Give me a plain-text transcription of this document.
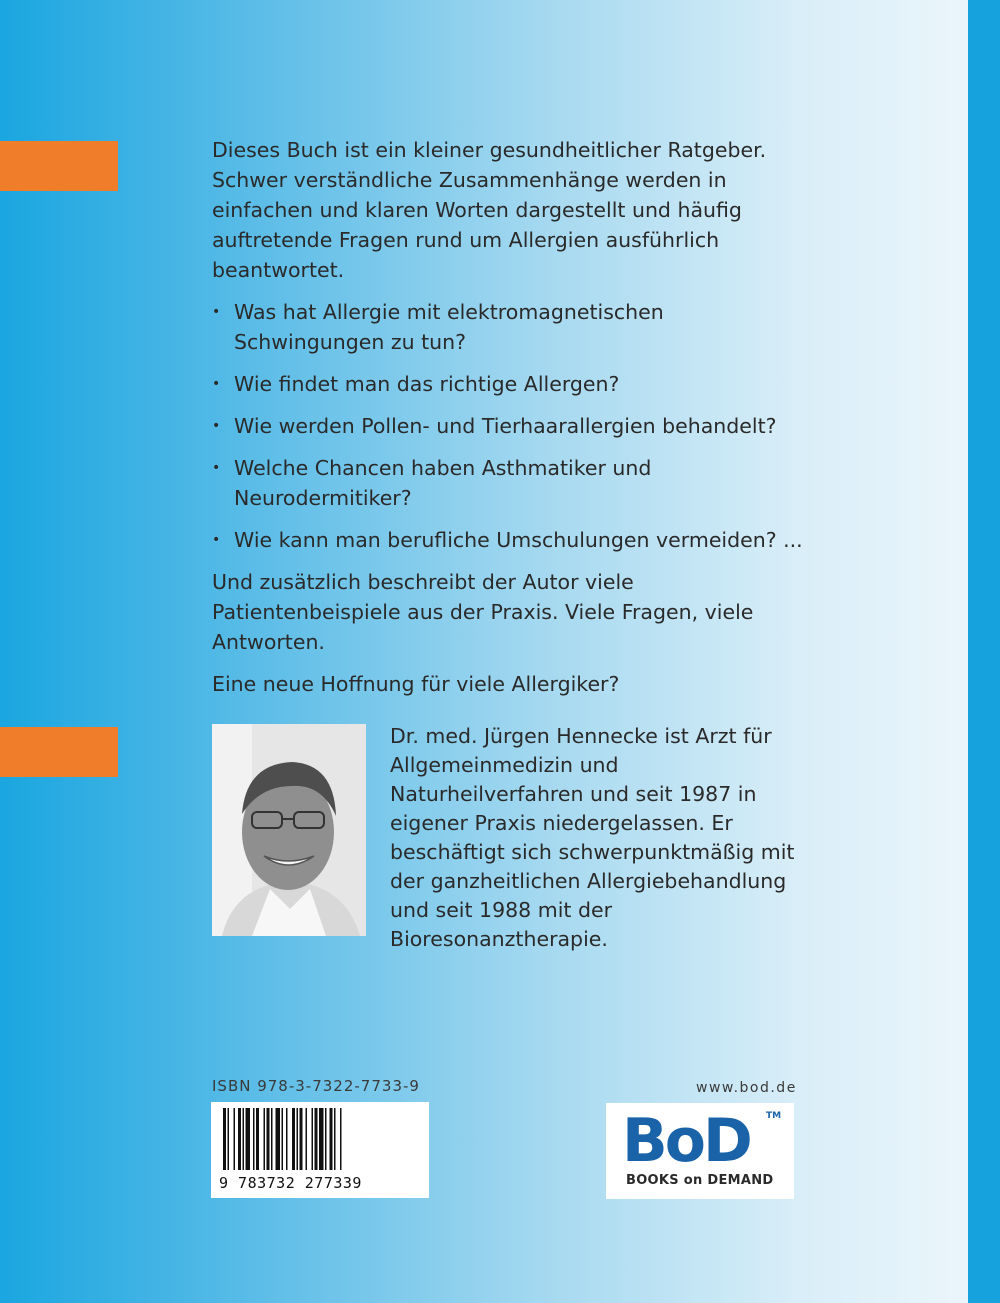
Dieses Buch ist ein kleiner gesundheitlicher Ratgeber. Schwer verständliche Zusammenhänge werden in einfachen und klaren Worten dargestellt und häufig auftretende Fragen rund um Allergien ausführlich beantwortet.

• Was hat Allergie mit elektromagnetischen Schwingungen zu tun?
• Wie findet man das richtige Allergen?
• Wie werden Pollen- und Tierhaarallergien behandelt?
• Welche Chancen haben Asthmatiker und Neurodermitiker?
• Wie kann man berufliche Umschulungen vermeiden? ...

Und zusätzlich beschreibt der Autor viele Patientenbeispiele aus der Praxis. Viele Fragen, viele Antworten.

Eine neue Hoffnung für viele Allergiker?

Dr. med. Jürgen Hennecke ist Arzt für Allgemeinmedizin und Naturheilverfahren und seit 1987 in eigener Praxis niedergelassen. Er beschäftigt sich schwerpunktmäßig mit der ganzheitlichen Allergiebehandlung und seit 1988 mit der Bioresonanztherapie.

ISBN 978-3-7322-7733-9
9 783732 277339
www.bod.de
BoD TM
BOOKS on DEMAND
